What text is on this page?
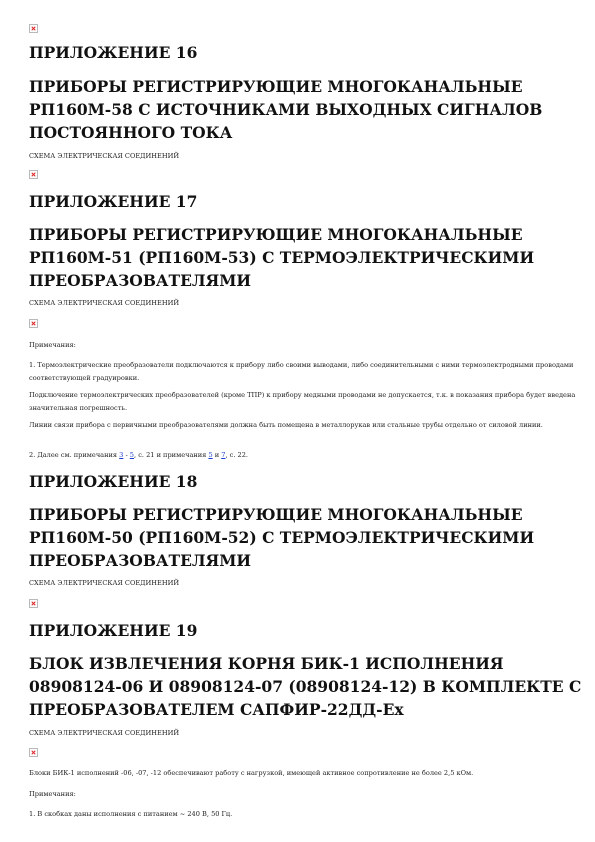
ПРИЛОЖЕНИЕ 16
ПРИБОРЫ РЕГИСТРИРУЮЩИЕ МНОГОКАНАЛЬНЫЕ
РП160М-58 С ИСТОЧНИКАМИ ВЫХОДНЫХ СИГНАЛОВ
ПОСТОЯННОГО ТОКА

СХЕМА ЭЛЕКТРИЧЕСКАЯ СОЕДИНЕНИЙ

ПРИЛОЖЕНИЕ 17
ПРИБОРЫ РЕГИСТРИРУЮЩИЕ МНОГОКАНАЛЬНЫЕ
РП160М-51 (РП160М-53) С ТЕРМОЭЛЕКТРИЧЕСКИМИ
ПРЕОБРАЗОВАТЕЛЯМИ

СХЕМА ЭЛЕКТРИЧЕСКАЯ СОЕДИНЕНИЙ

Примечания:

1. Термоэлектрические преобразователи подключаются к прибору либо своими выводами, либо соединительными с ними термоэлектродными проводами соответствующей градуировки.

Подключение термоэлектрических преобразователей (кроме ТПР) к прибору медными проводами не допускается, т.к. в показания прибора будет введена значительная погрешность.

Линии связи прибора с первичными преобразователями должна быть помещена в металлорукав или стальные трубы отдельно от силовой линии.

2. Далее см. примечания 3 - 5, с. 21 и примечания 5 и 7, с. 22.

ПРИЛОЖЕНИЕ 18
ПРИБОРЫ РЕГИСТРИРУЮЩИЕ МНОГОКАНАЛЬНЫЕ
РП160М-50 (РП160М-52) С ТЕРМОЭЛЕКТРИЧЕСКИМИ
ПРЕОБРАЗОВАТЕЛЯМИ

СХЕМА ЭЛЕКТРИЧЕСКАЯ СОЕДИНЕНИЙ

ПРИЛОЖЕНИЕ 19
БЛОК ИЗВЛЕЧЕНИЯ КОРНЯ БИК-1 ИСПОЛНЕНИЯ
08908124-06 И 08908124-07 (08908124-12) В КОМПЛЕКТЕ С
ПРЕОБРАЗОВАТЕЛЕМ САПФИР-22ДД-Ех

СХЕМА ЭЛЕКТРИЧЕСКАЯ СОЕДИНЕНИЙ

Блоки БИК-1 исполнений -06, -07, -12 обеспечивают работу с нагрузкой, имеющей активное сопротивление не более 2,5 кОм.

Примечания:

1. В скобках даны исполнения с питанием ~ 240 В, 50 Гц.
